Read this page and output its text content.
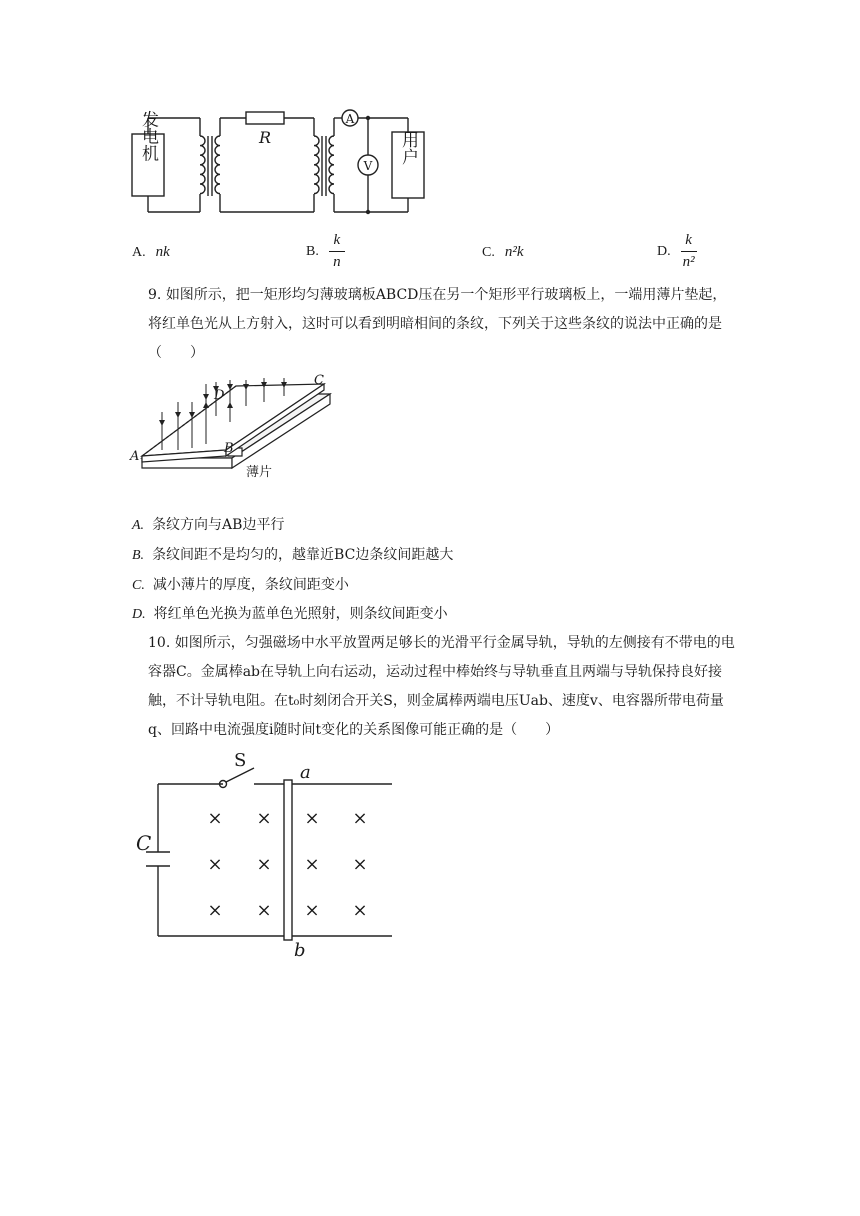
发电机	R
A
V
用户
A. nk	B. $\frac{k}{n}$	C. n²k	D. $\frac{k}{\text{n²}}$
9. 如图所示，把一矩形均匀薄玻璃板ABCD压在另一个矩形平行玻璃板上，一端用薄片垫起，将红单色光从上方射入，这时可以看到明暗相间的条纹，下列关于这些条纹的说法中正确的是（　　）
A
B
C
D
薄片
A. 条纹方向与AB边平行
B. 条纹间距不是均匀的，越靠近BC边条纹间距越大
C. 减小薄片的厚度，条纹间距变小
D. 将红单色光换为蓝单色光照射，则条纹间距变小
10. 如图所示，匀强磁场中水平放置两足够长的光滑平行金属导轨，导轨的左侧接有不带电的电容器C。金属棒ab在导轨上向右运动，运动过程中棒始终与导轨垂直且两端与导轨保持良好接触，不计导轨电阻。在t₀时刻闭合开关S，则金属棒两端电压Uab、速度v、电容器所带电荷量q、回路中电流强度i随时间t变化的关系图像可能正确的是（　　）
S
C
a
b
× × × ×
× × × ×
× × × ×
